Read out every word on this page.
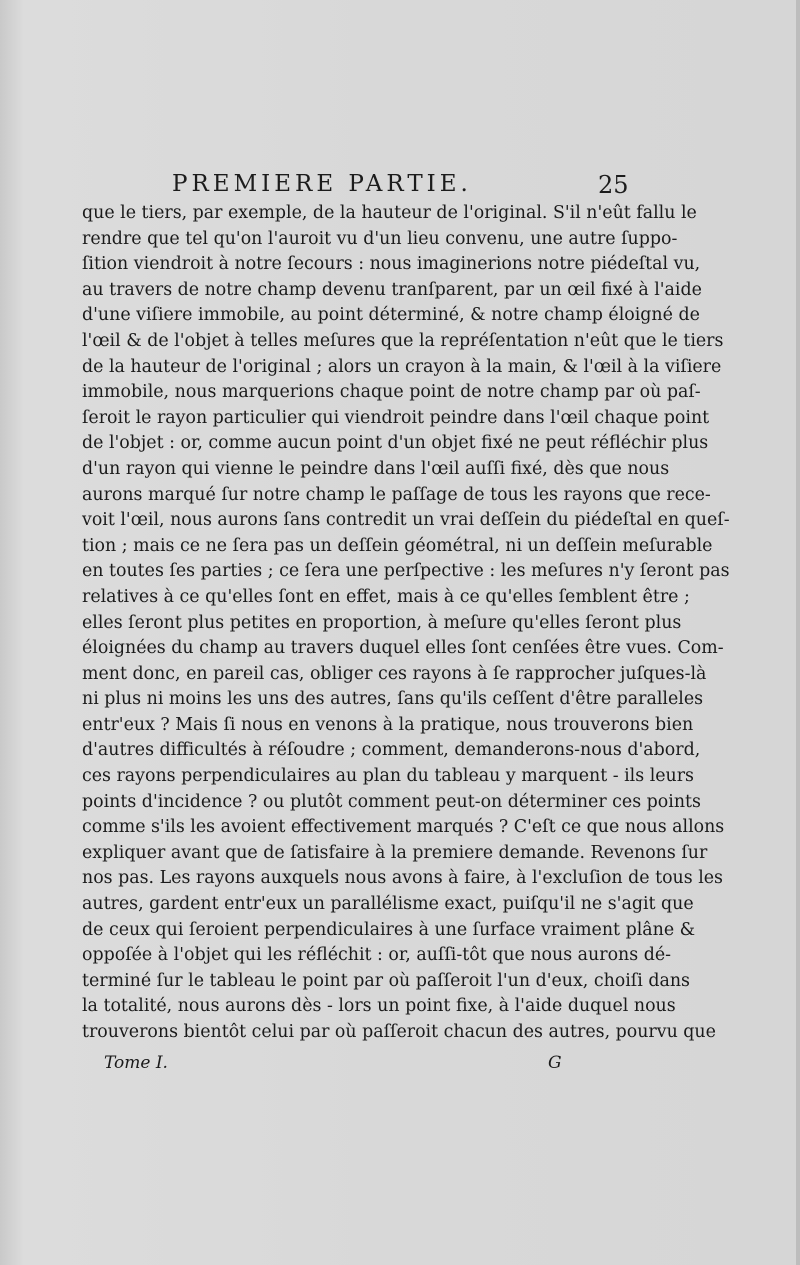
PREMIERE PARTIE.	25
que le tiers, par exemple, de la hauteur de l'original. S'il n'eût fallu le
rendre que tel qu'on l'auroit vu d'un lieu convenu, une autre ſuppo-
ſition viendroit à notre ſecours : nous imaginerions notre piédeſtal vu,
au travers de notre champ devenu tranſparent, par un œil fixé à l'aide
d'une viſiere immobile, au point déterminé, & notre champ éloigné de
l'œil & de l'objet à telles meſures que la repréſentation n'eût que le tiers
de la hauteur de l'original ; alors un crayon à la main, & l'œil à la viſiere
immobile, nous marquerions chaque point de notre champ par où paſ-
ſeroit le rayon particulier qui viendroit peindre dans l'œil chaque point
de l'objet : or, comme aucun point d'un objet fixé ne peut réfléchir plus
d'un rayon qui vienne le peindre dans l'œil auſſi fixé, dès que nous
aurons marqué ſur notre champ le paſſage de tous les rayons que rece-
voit l'œil, nous aurons ſans contredit un vrai deſſein du piédeſtal en queſ-
tion ; mais ce ne ſera pas un deſſein géométral, ni un deſſein meſurable
en toutes ſes parties ; ce ſera une perſpective : les meſures n'y ſeront pas
relatives à ce qu'elles ſont en effet, mais à ce qu'elles ſemblent être ;
elles ſeront plus petites en proportion, à meſure qu'elles ſeront plus
éloignées du champ au travers duquel elles ſont cenſées être vues. Com-
ment donc, en pareil cas, obliger ces rayons à ſe rapprocher juſques-là
ni plus ni moins les uns des autres, ſans qu'ils ceſſent d'être paralleles
entr'eux ? Mais ſi nous en venons à la pratique, nous trouverons bien
d'autres difficultés à réſoudre ; comment, demanderons-nous d'abord,
ces rayons perpendiculaires au plan du tableau y marquent - ils leurs
points d'incidence ? ou plutôt comment peut-on déterminer ces points
comme s'ils les avoient effectivement marqués ? C'eſt ce que nous allons
expliquer avant que de ſatisfaire à la premiere demande. Revenons ſur
nos pas. Les rayons auxquels nous avons à faire, à l'excluſion de tous les
autres, gardent entr'eux un parallélisme exact, puiſqu'il ne s'agit que
de ceux qui ſeroient perpendiculaires à une ſurface vraiment plâne &
oppoſée à l'objet qui les réfléchit : or, auſſi-tôt que nous aurons dé-
terminé ſur le tableau le point par où paſſeroit l'un d'eux, choiſi dans
la totalité, nous aurons dès - lors un point fixe, à l'aide duquel nous
trouverons bientôt celui par où paſſeroit chacun des autres, pourvu que
Tome I.	G
